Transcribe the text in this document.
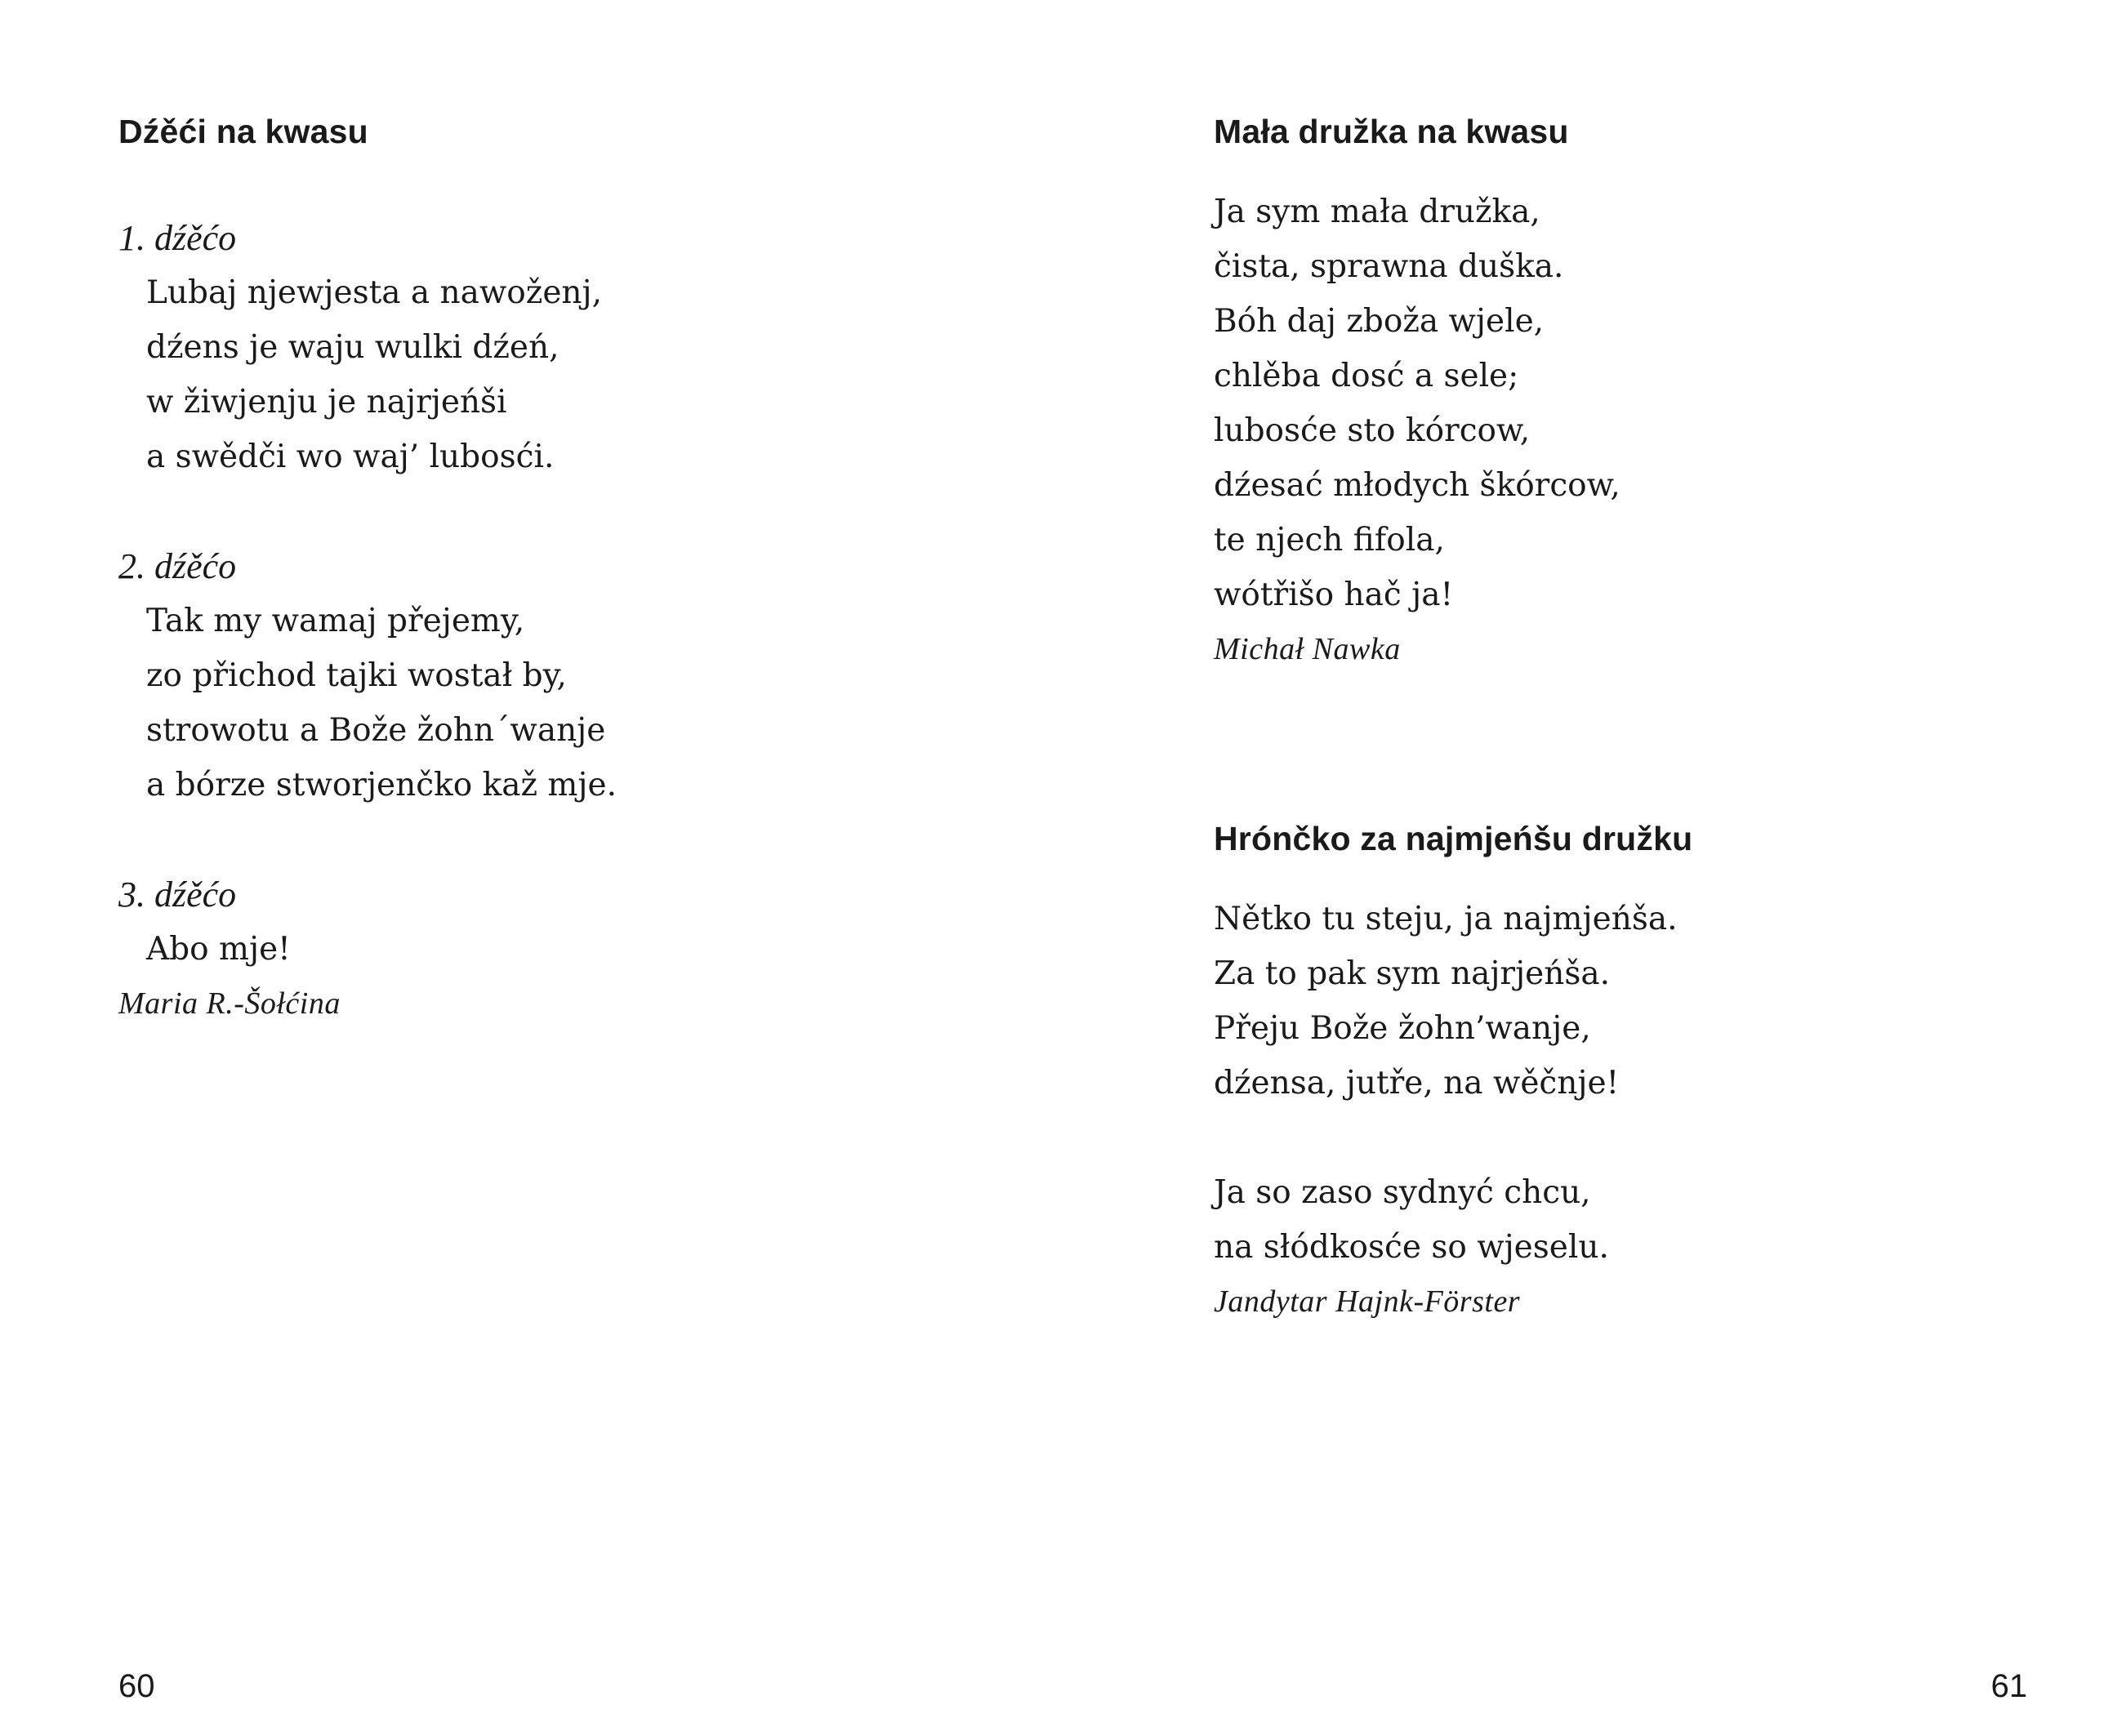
Dźěći na kwasu
1. dźěćo
Lubaj njewjesta a nawoženj,
dźens je waju wulki dźeń,
w žiwjenju je najrjeńši
a swědči wo waj’ lubosći.
2. dźěćo
Tak my wamaj přejemy,
zo přichod tajki wostał by,
strowotu a Bože žohn´wanje
a bórze stworjenčko kaž mje.
3. dźěćo
Abo mje!
Maria R.-Šołćina
60
Mała družka na kwasu
Ja sym mała družka,
čista, sprawna duška.
Bóh daj zboža wjele,
chlěba dosć a sele;
lubosće sto kórcow,
dźesać młodych škórcow,
te njech fifola,
wótřišo hač ja!
Michał Nawka
Hrónčko za najmjeńšu družku
Nětko tu steju, ja najmjeńša.
Za to pak sym najrjeńša.
Přeju Bože žohn’wanje,
dźensa, jutře, na wěčnje!
Ja so zaso sydnyć chcu,
na słódkosće so wjeselu.
Jandytar Hajnk-Förster
61
